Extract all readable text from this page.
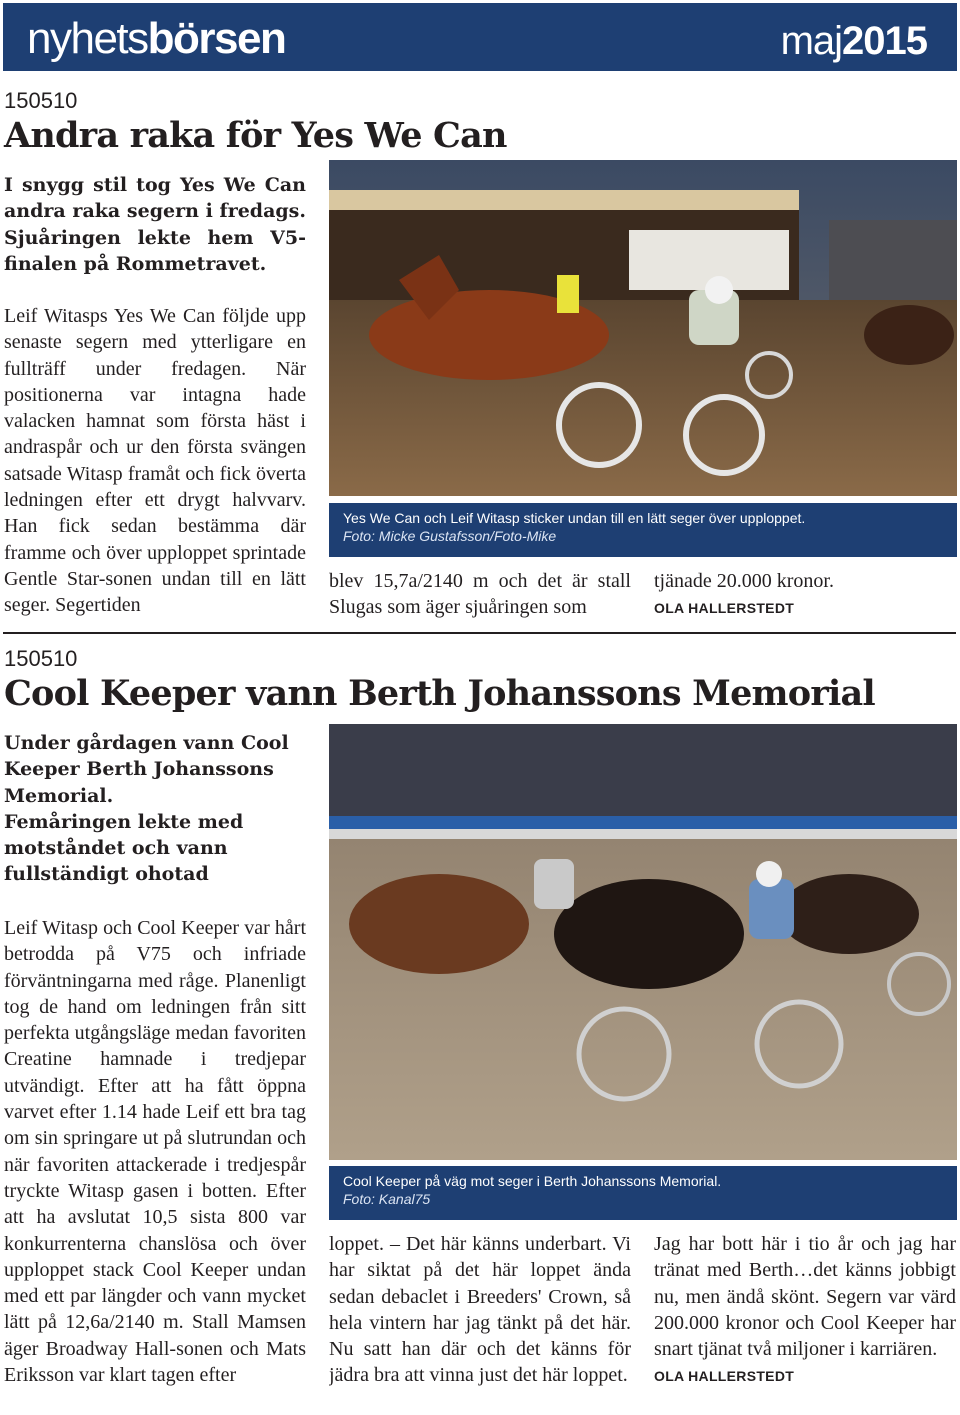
nyhetsbörsen	maj2015
150510
Andra raka för Yes We Can
I snygg stil tog Yes We Can andra raka segern i fredags. Sjuåringen lekte hem V5-finalen på Rommetravet.
Leif Witasps Yes We Can följde upp senaste segern med ytterligare en fullträff under fredagen. När positionerna var intagna hade valacken hamnat som första häst i andraspår och ur den första svängen satsade Witasp framåt och fick överta ledningen efter ett drygt halvvarv. Han fick sedan bestämma där framme och över upploppet sprintade Gentle Star-sonen undan till en lätt seger. Segertiden
Yes We Can och Leif Witasp sticker undan till en lätt seger över upploppet.
Foto: Micke Gustafsson/Foto-Mike
blev 15,7a/2140 m och det är stall Slugas som äger sjuåringen som
tjänade 20.000 kronor.
OLA HALLERSTEDT
150510
Cool Keeper vann Berth Johanssons Memorial
Under gårdagen vann Cool Keeper Berth Johanssons Memorial.
Femåringen lekte med motståndet och vann fullständigt ohotad
Leif Witasp och Cool Keeper var hårt betrodda på V75 och infriade förväntningarna med råge. Planenligt tog de hand om ledningen från sitt perfekta utgångsläge medan favoriten Creatine hamnade i tredjepar utvändigt. Efter att ha fått öppna varvet efter 1.14 hade Leif ett bra tag om sin springare ut på slutrundan och när favoriten attackerade i tredjespår tryckte Witasp gasen i botten. Efter att ha avslutat 10,5 sista 800 var konkurrenterna chanslösa och över upploppet stack Cool Keeper undan med ett par längder och vann mycket lätt på 12,6a/2140 m. Stall Mamsen äger Broadway Hall-sonen och Mats Eriksson var klart tagen efter
Cool Keeper på väg mot seger i Berth Johanssons Memorial.
Foto: Kanal75
loppet. – Det här känns underbart. Vi har siktat på det här loppet ända sedan debaclet i Breeders' Crown, så hela vintern har jag tänkt på det här. Nu satt han där och det känns för jädra bra att vinna just det här loppet.
Jag har bott här i tio år och jag har tränat med Berth…det känns jobbigt nu, men ändå skönt. Segern var värd 200.000 kronor och Cool Keeper har snart tjänat två miljoner i karriären.
OLA HALLERSTEDT
